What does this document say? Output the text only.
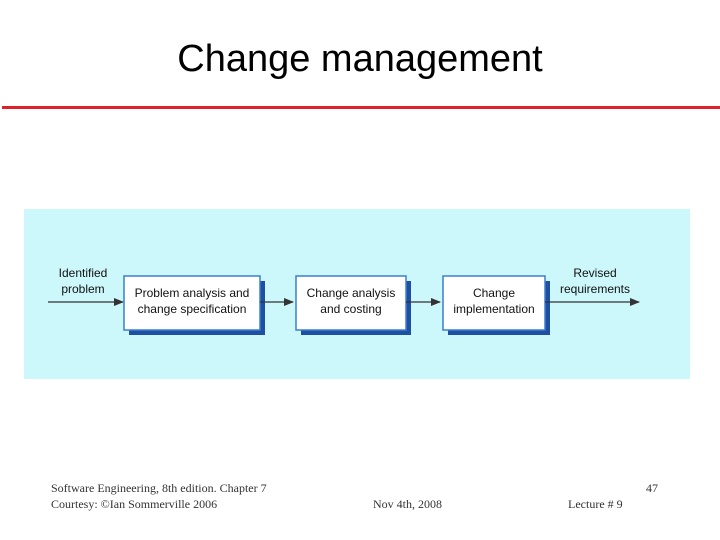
Change management
Identified
problem Problem analysis and
change specification
Change analysis
and costing
Change
implementation
Revised
requirements
Software Engineering, 8th edition. Chapter 7
Courtesy: ©Ian Sommerville 2006	Nov 4th, 2008	Lecture # 9
47
